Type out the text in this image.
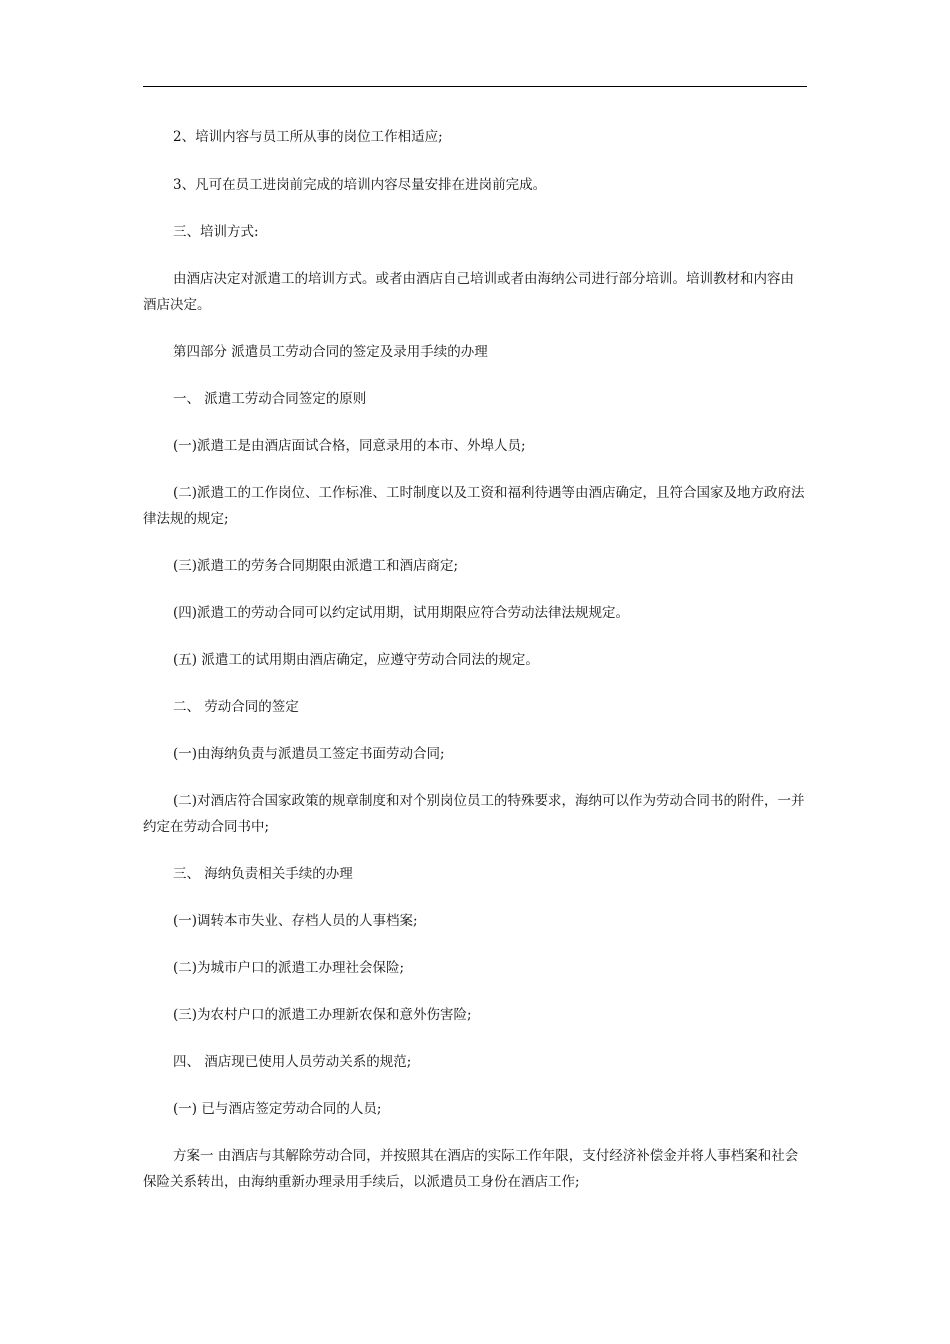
2、培训内容与员工所从事的岗位工作相适应;

3、凡可在员工进岗前完成的培训内容尽量安排在进岗前完成。

三、培训方式:

由酒店决定对派遣工的培训方式。或者由酒店自己培训或者由海纳公司进行部分培训。培训教材和内容由酒店决定。

第四部分 派遣员工劳动合同的签定及录用手续的办理

一、 派遣工劳动合同签定的原则

(一)派遣工是由酒店面试合格，同意录用的本市、外埠人员;

(二)派遣工的工作岗位、工作标准、工时制度以及工资和福利待遇等由酒店确定，且符合国家及地方政府法律法规的规定;

(三)派遣工的劳务合同期限由派遣工和酒店商定;

(四)派遣工的劳动合同可以约定试用期，试用期限应符合劳动法律法规规定。

(五) 派遣工的试用期由酒店确定，应遵守劳动合同法的规定。

二、 劳动合同的签定

(一)由海纳负责与派遣员工签定书面劳动合同;

(二)对酒店符合国家政策的规章制度和对个别岗位员工的特殊要求，海纳可以作为劳动合同书的附件，一并约定在劳动合同书中;

三、 海纳负责相关手续的办理

(一)调转本市失业、存档人员的人事档案;

(二)为城市户口的派遣工办理社会保险;

(三)为农村户口的派遣工办理新农保和意外伤害险;

四、 酒店现已使用人员劳动关系的规范;

(一) 已与酒店签定劳动合同的人员;

方案一 由酒店与其解除劳动合同，并按照其在酒店的实际工作年限，支付经济补偿金并将人事档案和社会保险关系转出，由海纳重新办理录用手续后，以派遣员工身份在酒店工作;
